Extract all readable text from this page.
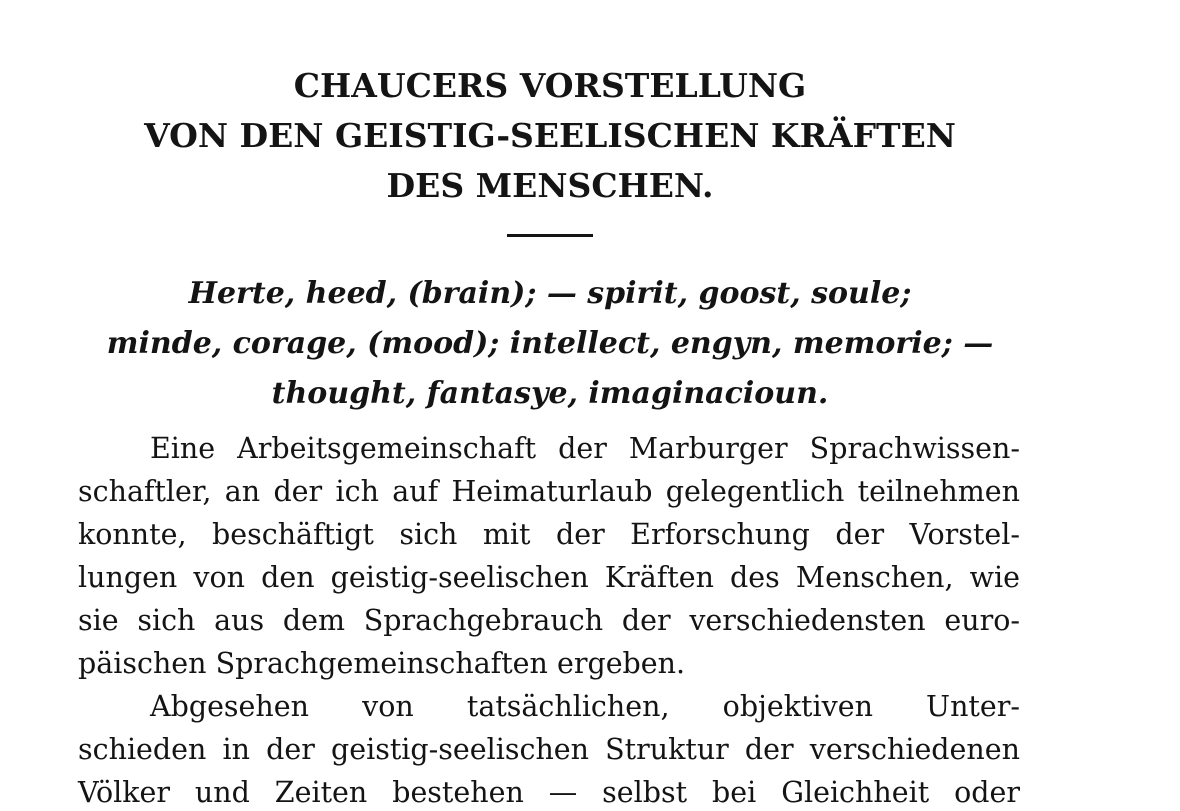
CHAUCERS VORSTELLUNG
VON DEN GEISTIG-SEELISCHEN KRÄFTEN
DES MENSCHEN.
Herte, heed, (brain); — spirit, goost, soule;
minde, corage, (mood); intellect, engyn, memorie; —
thought, fantasye, imaginacioun.
Eine Arbeitsgemeinschaft der Marburger Sprachwissen-
schaftler, an der ich auf Heimaturlaub gelegentlich teilnehmen
konnte, beschäftigt sich mit der Erforschung der Vorstel-
lungen von den geistig-seelischen Kräften des Menschen, wie
sie sich aus dem Sprachgebrauch der verschiedensten euro-
päischen Sprachgemeinschaften ergeben.
Abgesehen von tatsächlichen, objektiven Unter-
schieden in der geistig-seelischen Struktur der verschiedenen
Völker und Zeiten bestehen — selbst bei Gleichheit oder
